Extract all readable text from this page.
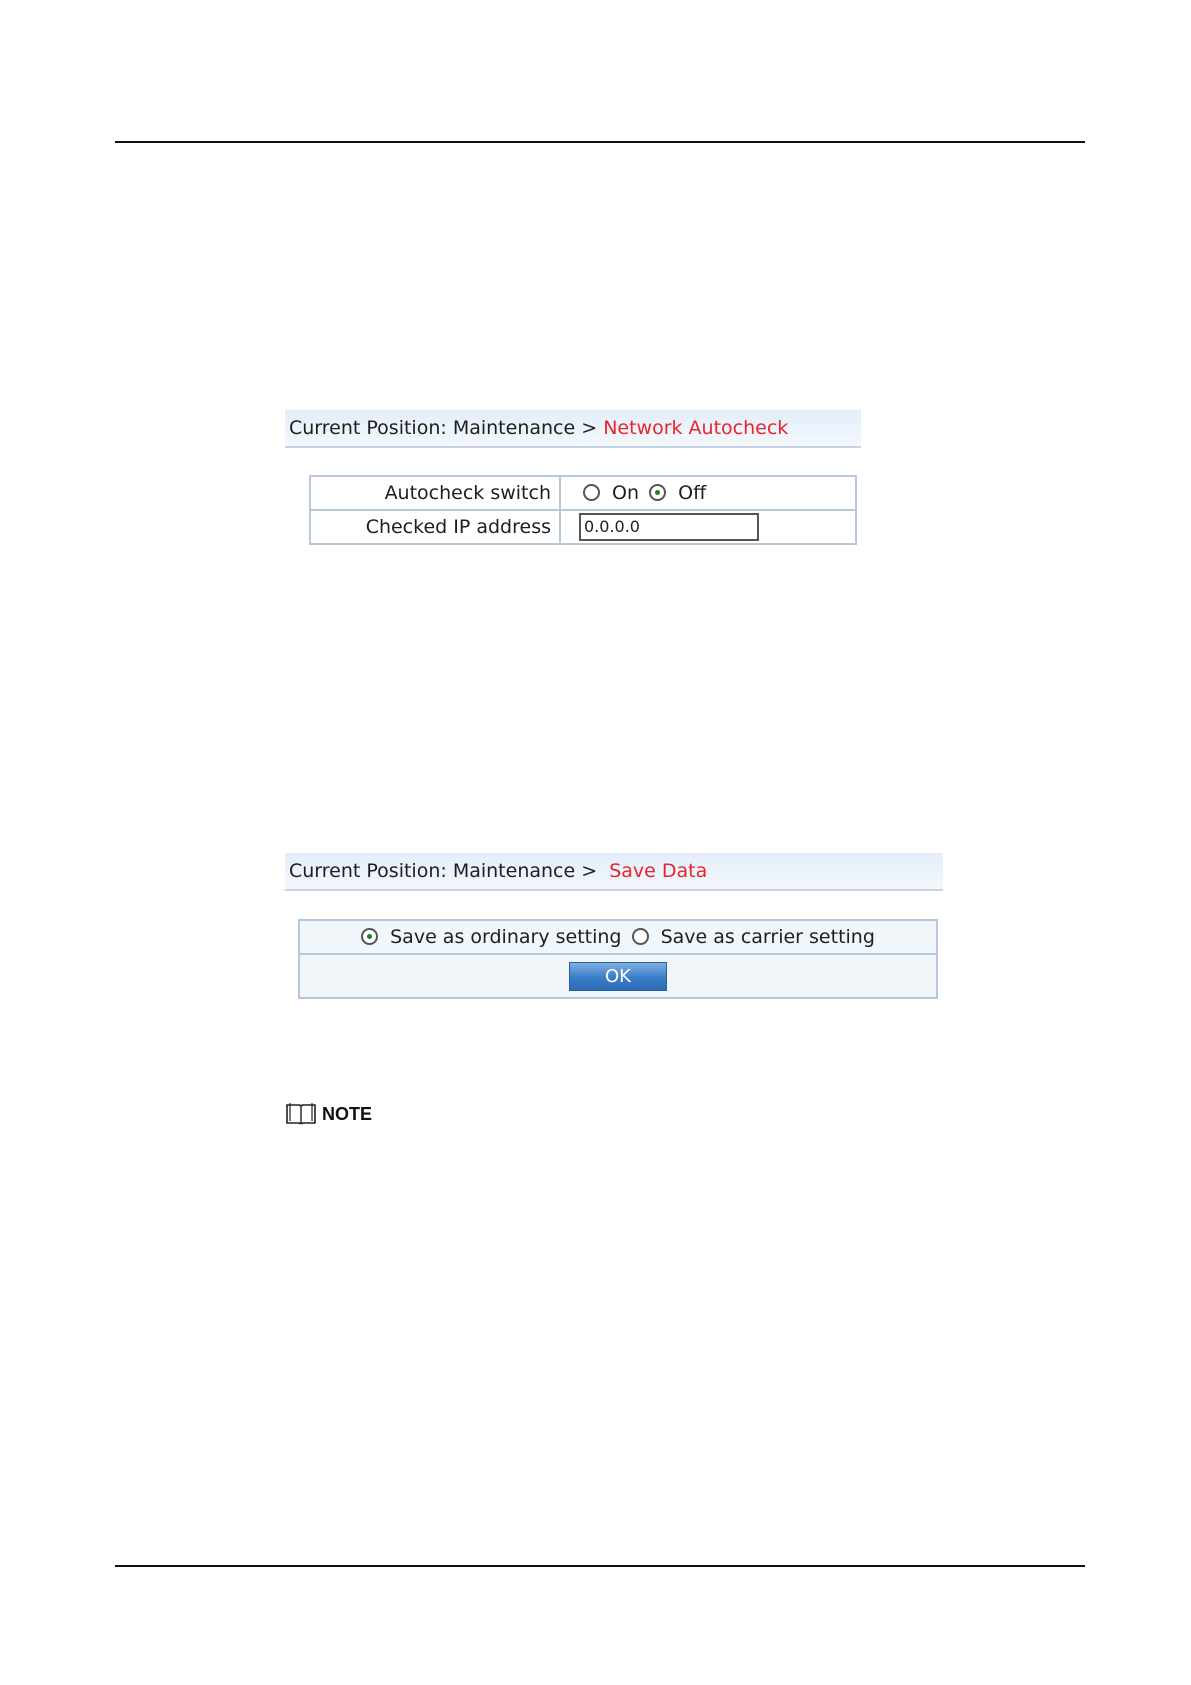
Current Position: Maintenance > Network Autocheck
Autocheck switch	On Off
Checked IP address	0.0.0.0
Current Position: Maintenance > Save Data
Save as ordinary setting Save as carrier setting
OK
NOTE
